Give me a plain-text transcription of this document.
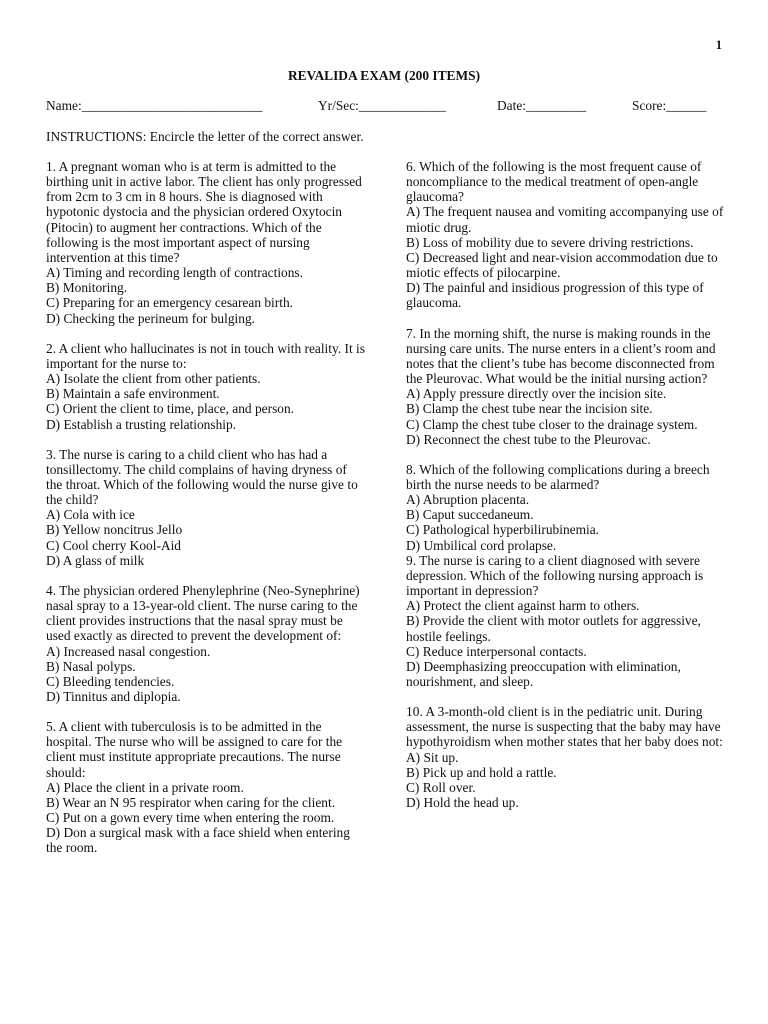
1
REVALIDA EXAM (200 ITEMS)
Name:___________________________	Yr/Sec:_____________	Date:_________	Score:______
INSTRUCTIONS: Encircle the letter of the correct answer.

1. A pregnant woman who is at term is admitted to the birthing unit in active labor. The client has only progressed from 2cm to 3 cm in 8 hours. She is diagnosed with hypotonic dystocia and the physician ordered Oxytocin (Pitocin) to augment her contractions. Which of the following is the most important aspect of nursing intervention at this time?

A) Timing and recording length of contractions.
B) Monitoring.
C) Preparing for an emergency cesarean birth.
D) Checking the perineum for bulging.

2. A client who hallucinates is not in touch with reality. It is important for the nurse to:

A) Isolate the client from other patients.
B) Maintain a safe environment.
C) Orient the client to time, place, and person.
D) Establish a trusting relationship.

3. The nurse is caring to a child client who has had a tonsillectomy. The child complains of having dryness of the throat. Which of the following would the nurse give to the child?

A) Cola with ice
B) Yellow noncitrus Jello
C) Cool cherry Kool-Aid
D) A glass of milk

4. The physician ordered Phenylephrine (Neo-Synephrine) nasal spray to a 13-year-old client. The nurse caring to the client provides instructions that the nasal spray must be used exactly as directed to prevent the development of:

A) Increased nasal congestion.
B) Nasal polyps.
C) Bleeding tendencies.
D) Tinnitus and diplopia.

5. A client with tuberculosis is to be admitted in the hospital. The nurse who will be assigned to care for the client must institute appropriate precautions. The nurse should:

A) Place the client in a private room.
B) Wear an N 95 respirator when caring for the client.
C) Put on a gown every time when entering the room.
D) Don a surgical mask with a face shield when entering the room.

6. Which of the following is the most frequent cause of noncompliance to the medical treatment of open-angle glaucoma?

A) The frequent nausea and vomiting accompanying use of miotic drug.
B) Loss of mobility due to severe driving restrictions.
C) Decreased light and near-vision accommodation due to miotic effects of pilocarpine.
D) The painful and insidious progression of this type of glaucoma.

7. In the morning shift, the nurse is making rounds in the nursing care units. The nurse enters in a client’s room and notes that the client’s tube has become disconnected from the Pleurovac. What would be the initial nursing action?

A) Apply pressure directly over the incision site.
B) Clamp the chest tube near the incision site.
C) Clamp the chest tube closer to the drainage system.
D) Reconnect the chest tube to the Pleurovac.

8. Which of the following complications during a breech birth the nurse needs to be alarmed?

A) Abruption placenta.
B) Caput succedaneum.
C) Pathological hyperbilirubinemia.
D) Umbilical cord prolapse.

9. The nurse is caring to a client diagnosed with severe depression. Which of the following nursing approach is important in depression?

A) Protect the client against harm to others.
B) Provide the client with motor outlets for aggressive, hostile feelings.
C) Reduce interpersonal contacts.
D) Deemphasizing preoccupation with elimination, nourishment, and sleep.

10. A 3-month-old client is in the pediatric unit. During assessment, the nurse is suspecting that the baby may have hypothyroidism when mother states that her baby does not:

A) Sit up.
B) Pick up and hold a rattle.
C) Roll over.
D) Hold the head up.
